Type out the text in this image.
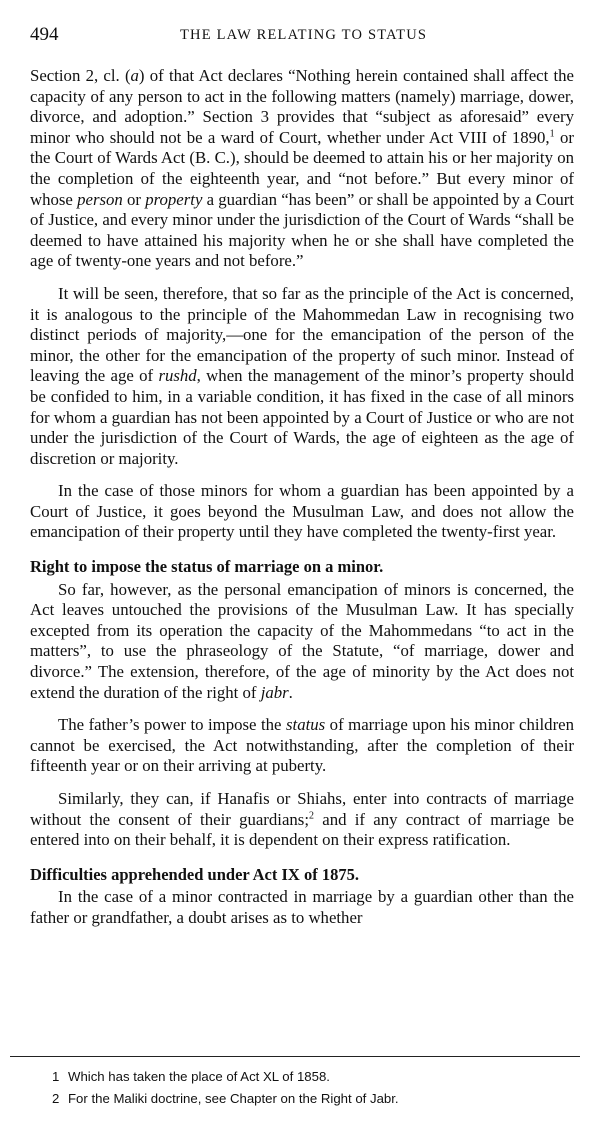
494	THE LAW RELATING TO STATUS

Section 2, cl. (a) of that Act declares “Nothing herein contained shall affect the capacity of any person to act in the following matters (namely) marriage, dower, divorce, and adoption.” Section 3 provides that “subject as aforesaid” every minor who should not be a ward of Court, whether under Act VIII of 1890,$^1$ or the Court of Wards Act (B. C.), should be deemed to attain his or her majority on the completion of the eighteenth year, and “not before.” But every minor of whose person or property a guardian “has been” or shall be appointed by a Court of Justice, and every minor under the jurisdiction of the Court of Wards “shall be deemed to have attained his majority when he or she shall have completed the age of twenty-one years and not before.”

It will be seen, therefore, that so far as the principle of the Act is concerned, it is analogous to the principle of the Mahommedan Law in recognising two distinct periods of majority,—one for the emancipation of the person of the minor, the other for the emancipation of the property of such minor. Instead of leaving the age of rushd, when the management of the minor’s property should be confided to him, in a variable condition, it has fixed in the case of all minors for whom a guardian has not been appointed by a Court of Justice or who are not under the jurisdiction of the Court of Wards, the age of eighteen as the age of discretion or majority.

In the case of those minors for whom a guardian has been appointed by a Court of Justice, it goes beyond the Musulman Law, and does not allow the emancipation of their property until they have completed the twenty-first year.

Right to impose the status of marriage on a minor.

So far, however, as the personal emancipation of minors is concerned, the Act leaves untouched the provisions of the Musulman Law. It has specially excepted from its operation the capacity of the Mahommedans “to act in the matters”, to use the phraseology of the Statute, “of marriage, dower and divorce.” The extension, therefore, of the age of minority by the Act does not extend the duration of the right of jabr.

The father’s power to impose the status of marriage upon his minor children cannot be exercised, the Act notwithstanding, after the completion of their fifteenth year or on their arriving at puberty.

Similarly, they can, if Hanafis or Shiahs, enter into contracts of marriage without the consent of their guardians;$^2$ and if any contract of marriage be entered into on their behalf, it is dependent on their express ratification.

Difficulties apprehended under Act IX of 1875.

In the case of a minor contracted in marriage by a guardian other than the father or grandfather, a doubt arises as to whether

1 Which has taken the place of Act XL of 1858.

2 For the Maliki doctrine, see Chapter on the Right of Jabr.
